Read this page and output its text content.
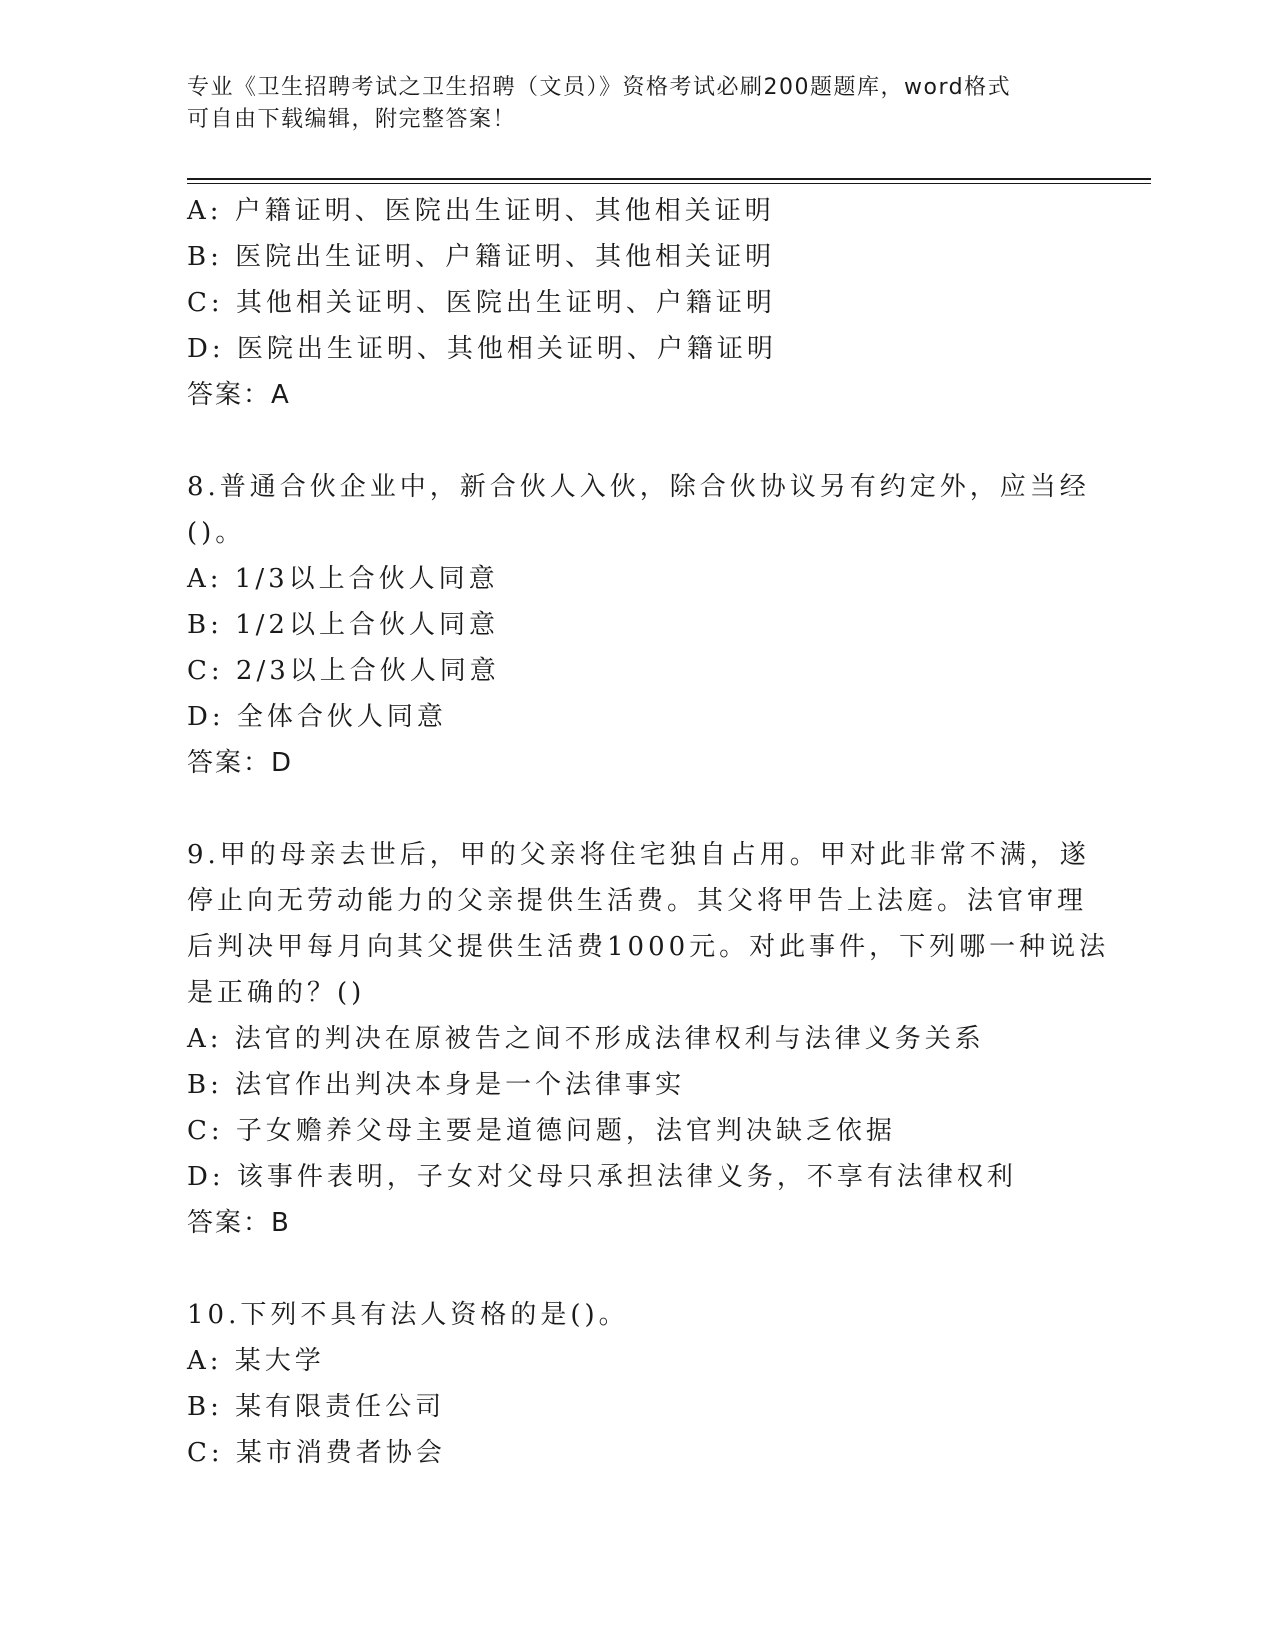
专业《卫生招聘考试之卫生招聘（文员）》资格考试必刷200题题库，word格式
可自由下载编辑，附完整答案！
A: 户籍证明、医院出生证明、其他相关证明
B: 医院出生证明、户籍证明、其他相关证明
C: 其他相关证明、医院出生证明、户籍证明
D: 医院出生证明、其他相关证明、户籍证明
答案：A
8.普通合伙企业中，新合伙人入伙，除合伙协议另有约定外，应当经
()。
A: 1/3以上合伙人同意
B: 1/2以上合伙人同意
C: 2/3以上合伙人同意
D: 全体合伙人同意
答案：D
9.甲的母亲去世后，甲的父亲将住宅独自占用。甲对此非常不满，遂
停止向无劳动能力的父亲提供生活费。其父将甲告上法庭。法官审理
后判决甲每月向其父提供生活费1000元。对此事件，下列哪一种说法
是正确的？()
A: 法官的判决在原被告之间不形成法律权利与法律义务关系
B: 法官作出判决本身是一个法律事实
C: 子女赡养父母主要是道德问题，法官判决缺乏依据
D: 该事件表明，子女对父母只承担法律义务，不享有法律权利
答案：B
10.下列不具有法人资格的是()。
A: 某大学
B: 某有限责任公司
C: 某市消费者协会
